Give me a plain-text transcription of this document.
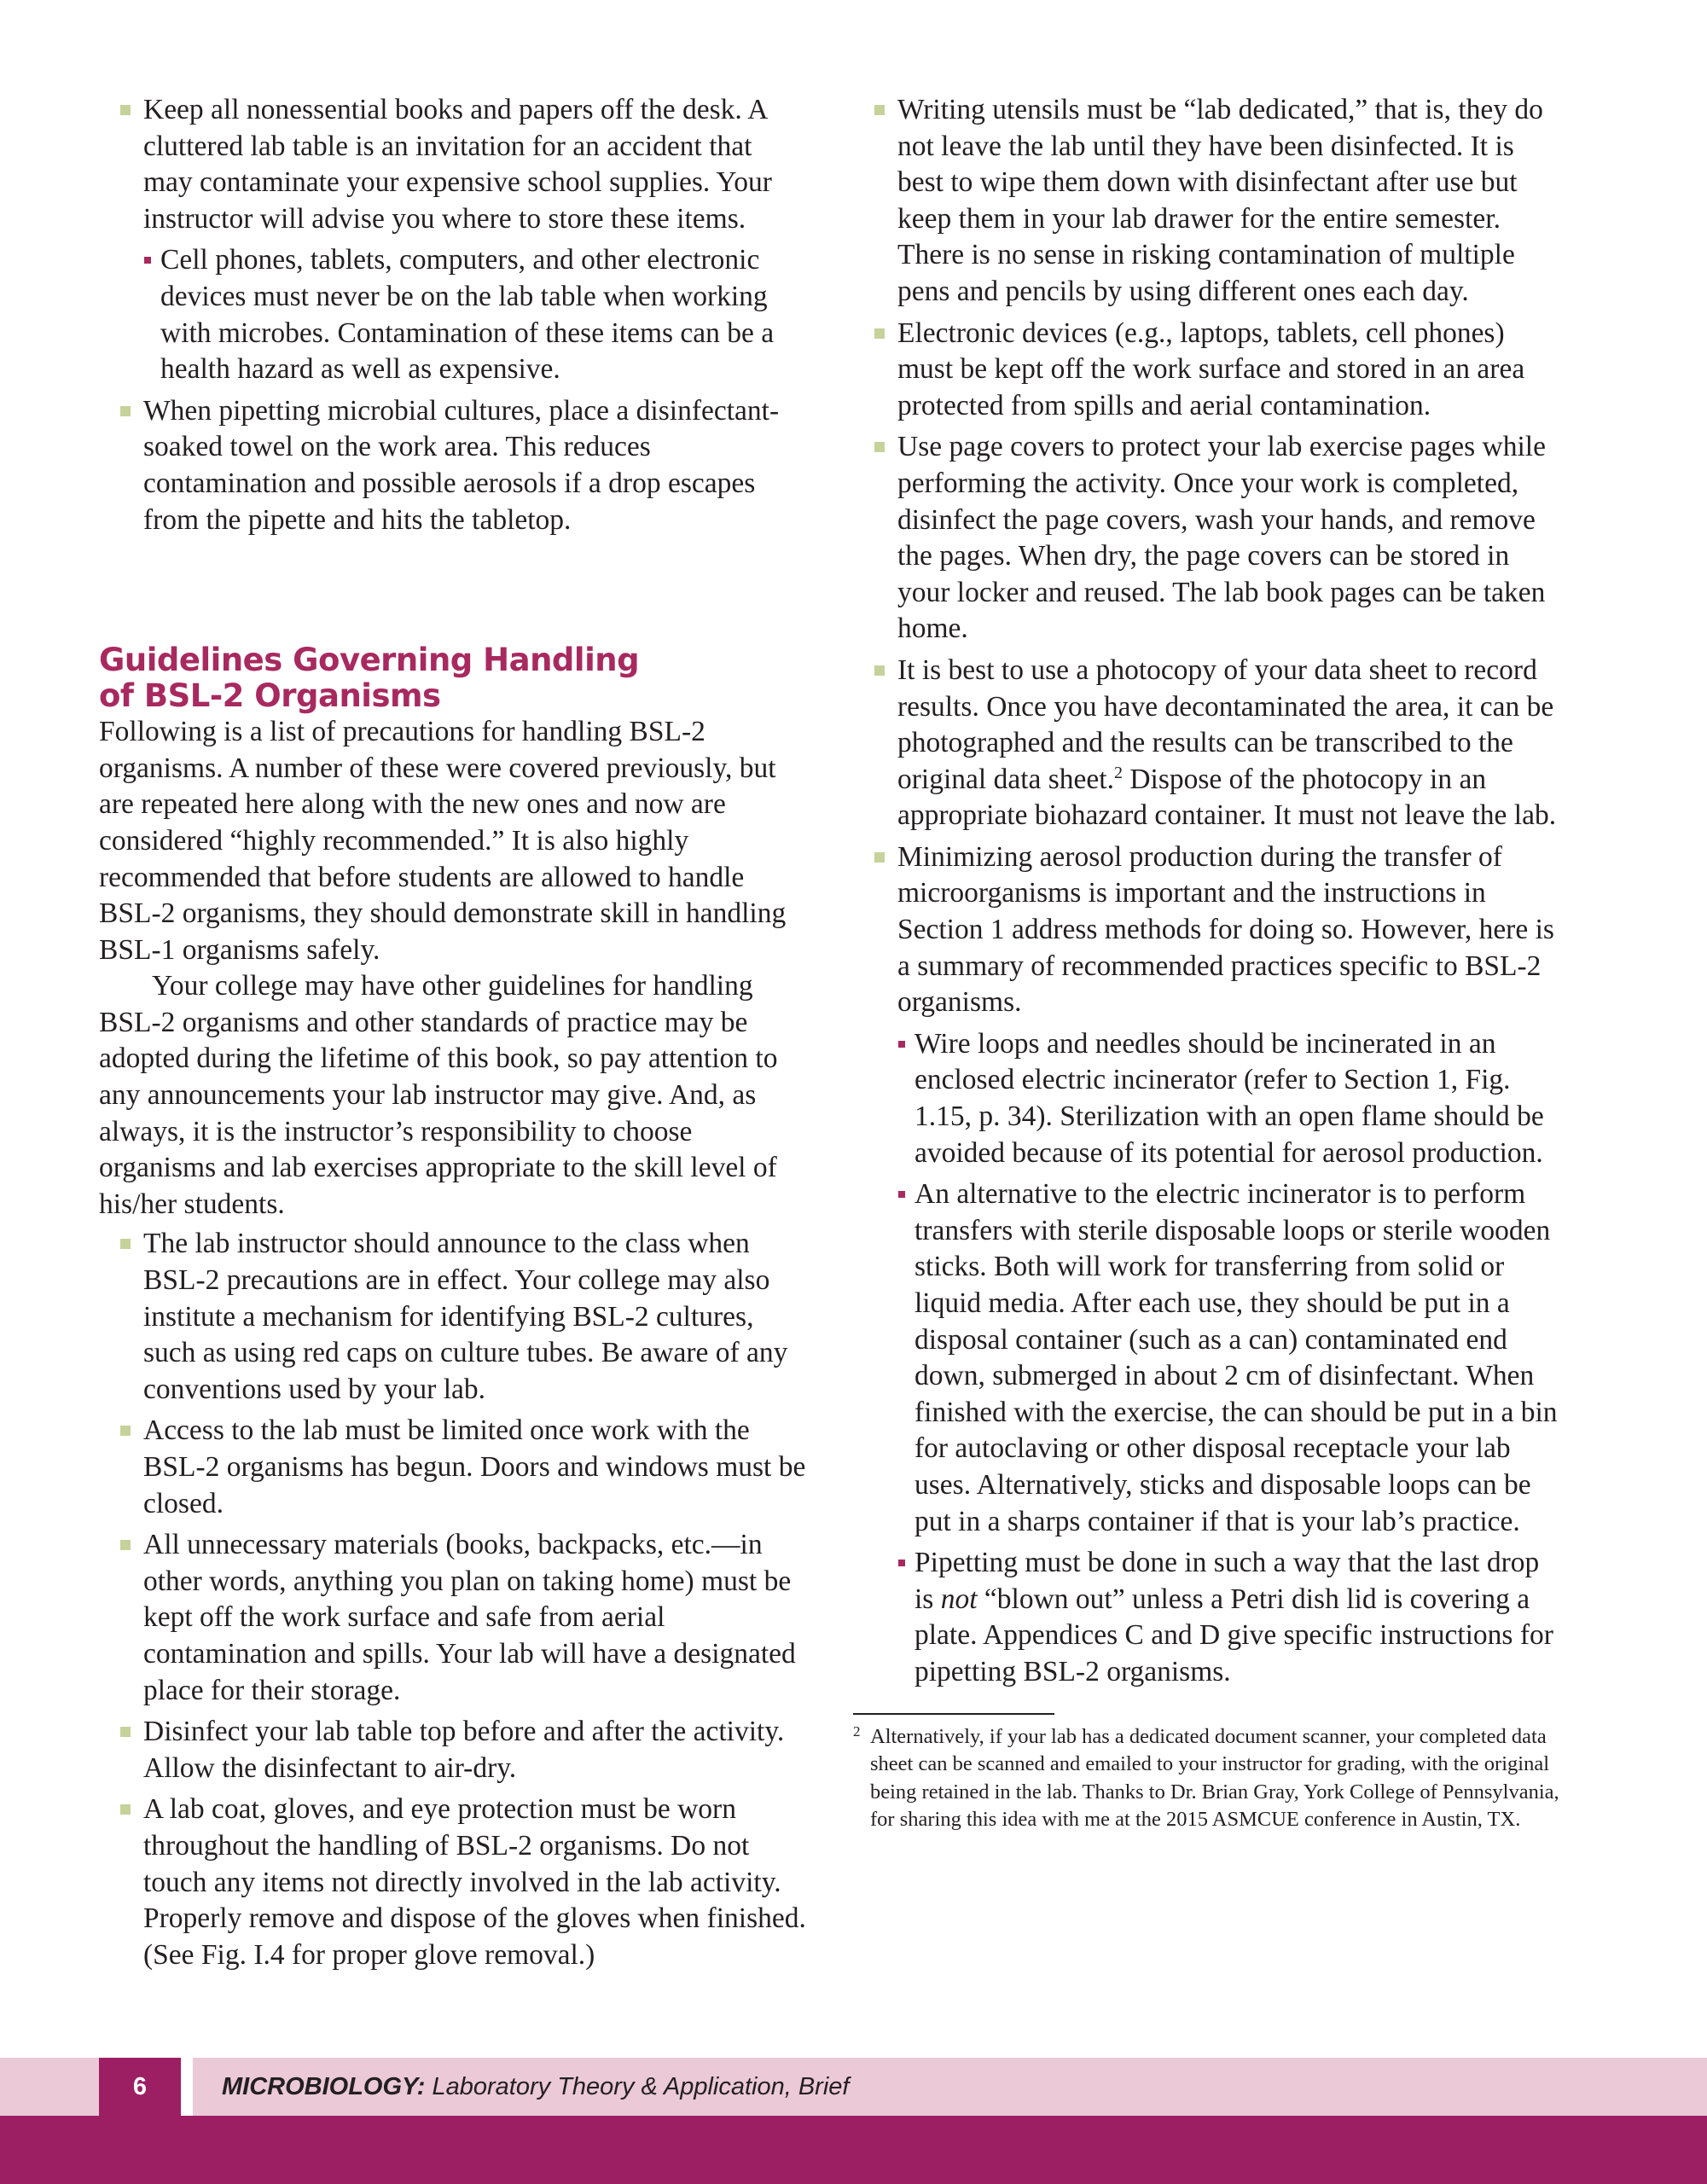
Keep all nonessential books and papers off the desk. A cluttered lab table is an invitation for an accident that may contaminate your expensive school supplies. Your instructor will advise you where to store these items.
Cell phones, tablets, computers, and other electronic devices must never be on the lab table when working with microbes. Contamination of these items can be a health hazard as well as expensive.
When pipetting microbial cultures, place a disinfectant-soaked towel on the work area. This reduces contamination and possible aerosols if a drop escapes from the pipette and hits the tabletop.
Guidelines Governing Handling
of BSL-2 Organisms

Following is a list of precautions for handling BSL-2 organisms. A number of these were covered previously, but are repeated here along with the new ones and now are considered “highly recommended.” It is also highly recommended that before students are allowed to handle BSL-2 organisms, they should demonstrate skill in handling BSL-1 organisms safely.

Your college may have other guidelines for handling BSL-2 organisms and other standards of practice may be adopted during the lifetime of this book, so pay attention to any announcements your lab instructor may give. And, as always, it is the instructor’s responsibility to choose organisms and lab exercises appropriate to the skill level of his/her students.

The lab instructor should announce to the class when BSL-2 precautions are in effect. Your college may also institute a mechanism for identifying BSL-2 cultures, such as using red caps on culture tubes. Be aware of any conventions used by your lab.
Access to the lab must be limited once work with the BSL-2 organisms has begun. Doors and windows must be closed.
All unnecessary materials (books, backpacks, etc.—in other words, anything you plan on taking home) must be kept off the work surface and safe from aerial contamination and spills. Your lab will have a designated place for their storage.
Disinfect your lab table top before and after the activity. Allow the disinfectant to air-dry.
A lab coat, gloves, and eye protection must be worn throughout the handling of BSL-2 organisms. Do not touch any items not directly involved in the lab activity. Properly remove and dispose of the gloves when finished. (See Fig. I.4 for proper glove removal.)
Writing utensils must be “lab dedicated,” that is, they do not leave the lab until they have been disinfected. It is best to wipe them down with disinfectant after use but keep them in your lab drawer for the entire semester. There is no sense in risking contamination of multiple pens and pencils by using different ones each day.
Electronic devices (e.g., laptops, tablets, cell phones) must be kept off the work surface and stored in an area protected from spills and aerial contamination.
Use page covers to protect your lab exercise pages while performing the activity. Once your work is completed, disinfect the page covers, wash your hands, and remove the pages. When dry, the page covers can be stored in your locker and reused. The lab book pages can be taken home.
It is best to use a photocopy of your data sheet to record results. Once you have decontaminated the area, it can be photographed and the results can be transcribed to the original data sheet.$^2$ Dispose of the photocopy in an appropriate biohazard container. It must not leave the lab.
Minimizing aerosol production during the transfer of microorganisms is important and the instructions in Section 1 address methods for doing so. However, here is a summary of recommended practices specific to BSL-2 organisms.
Wire loops and needles should be incinerated in an enclosed electric incinerator (refer to Section 1, Fig. 1.15, p. 34). Sterilization with an open flame should be avoided because of its potential for aerosol production.
An alternative to the electric incinerator is to perform transfers with sterile disposable loops or sterile wooden sticks. Both will work for transferring from solid or liquid media. After each use, they should be put in a disposal container (such as a can) contaminated end down, submerged in about 2 cm of disinfectant. When finished with the exercise, the can should be put in a bin for autoclaving or other disposal receptacle your lab uses. Alternatively, sticks and disposable loops can be put in a sharps container if that is your lab’s practice.
Pipetting must be done in such a way that the last drop is not “blown out” unless a Petri dish lid is covering a plate. Appendices C and D give specific instructions for pipetting BSL-2 organisms.
2 Alternatively, if your lab has a dedicated document scanner, your completed data sheet can be scanned and emailed to your instructor for grading, with the original being retained in the lab. Thanks to Dr. Brian Gray, York College of Pennsylvania, for sharing this idea with me at the 2015 ASMCUE conference in Austin, TX.
6	MICROBIOLOGY: Laboratory Theory & Application, Brief
